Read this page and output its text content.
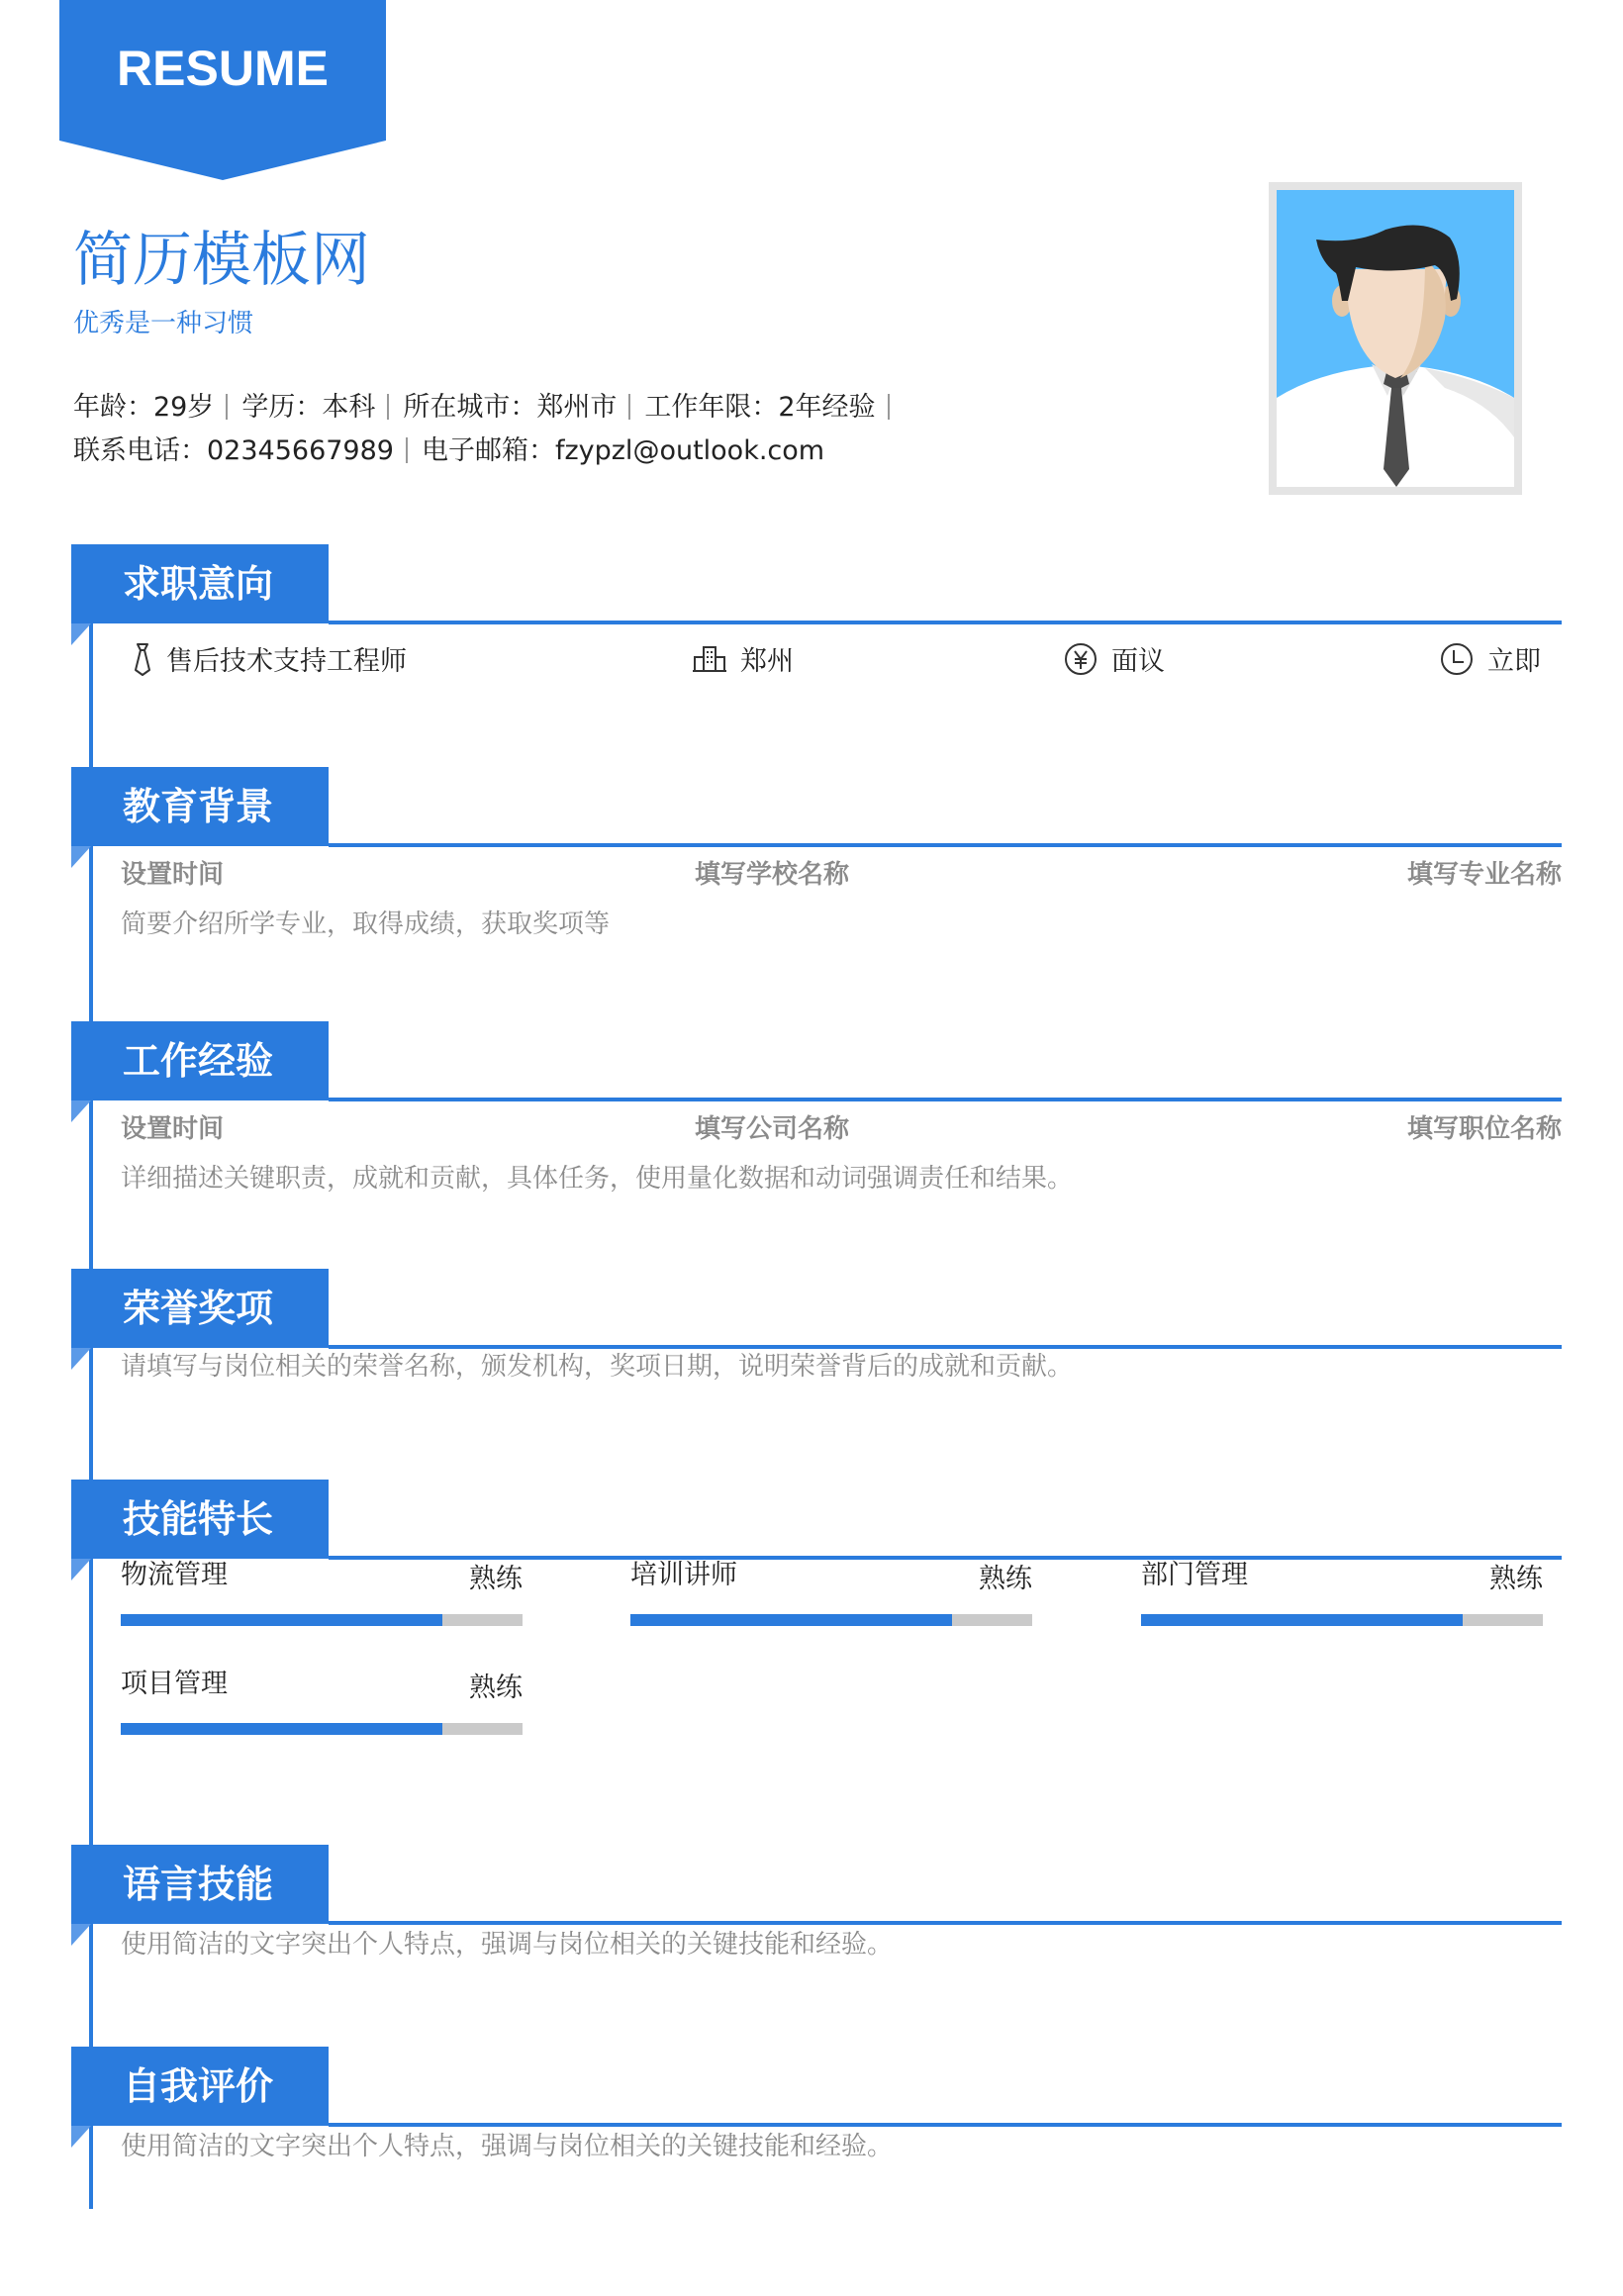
RESUME
简历模板网
优秀是一种习惯
年龄：29岁 学历：本科 所在城市：郑州市 工作年限：2年经验
联系电话：02345667989 电子邮箱：fzypzl@outlook.com
求职意向
售后技术支持工程师	郑州	面议	立即
教育背景
设置时间	填写学校名称	填写专业名称
简要介绍所学专业，取得成绩，获取奖项等
工作经验
设置时间	填写公司名称	填写职位名称
详细描述关键职责，成就和贡献，具体任务，使用量化数据和动词强调责任和结果。
荣誉奖项
请填写与岗位相关的荣誉名称，颁发机构，奖项日期，说明荣誉背后的成就和贡献。
技能特长
物流管理	熟练	培训讲师	熟练	部门管理	熟练
项目管理	熟练
语言技能
使用简洁的文字突出个人特点，强调与岗位相关的关键技能和经验。
自我评价
使用简洁的文字突出个人特点，强调与岗位相关的关键技能和经验。
